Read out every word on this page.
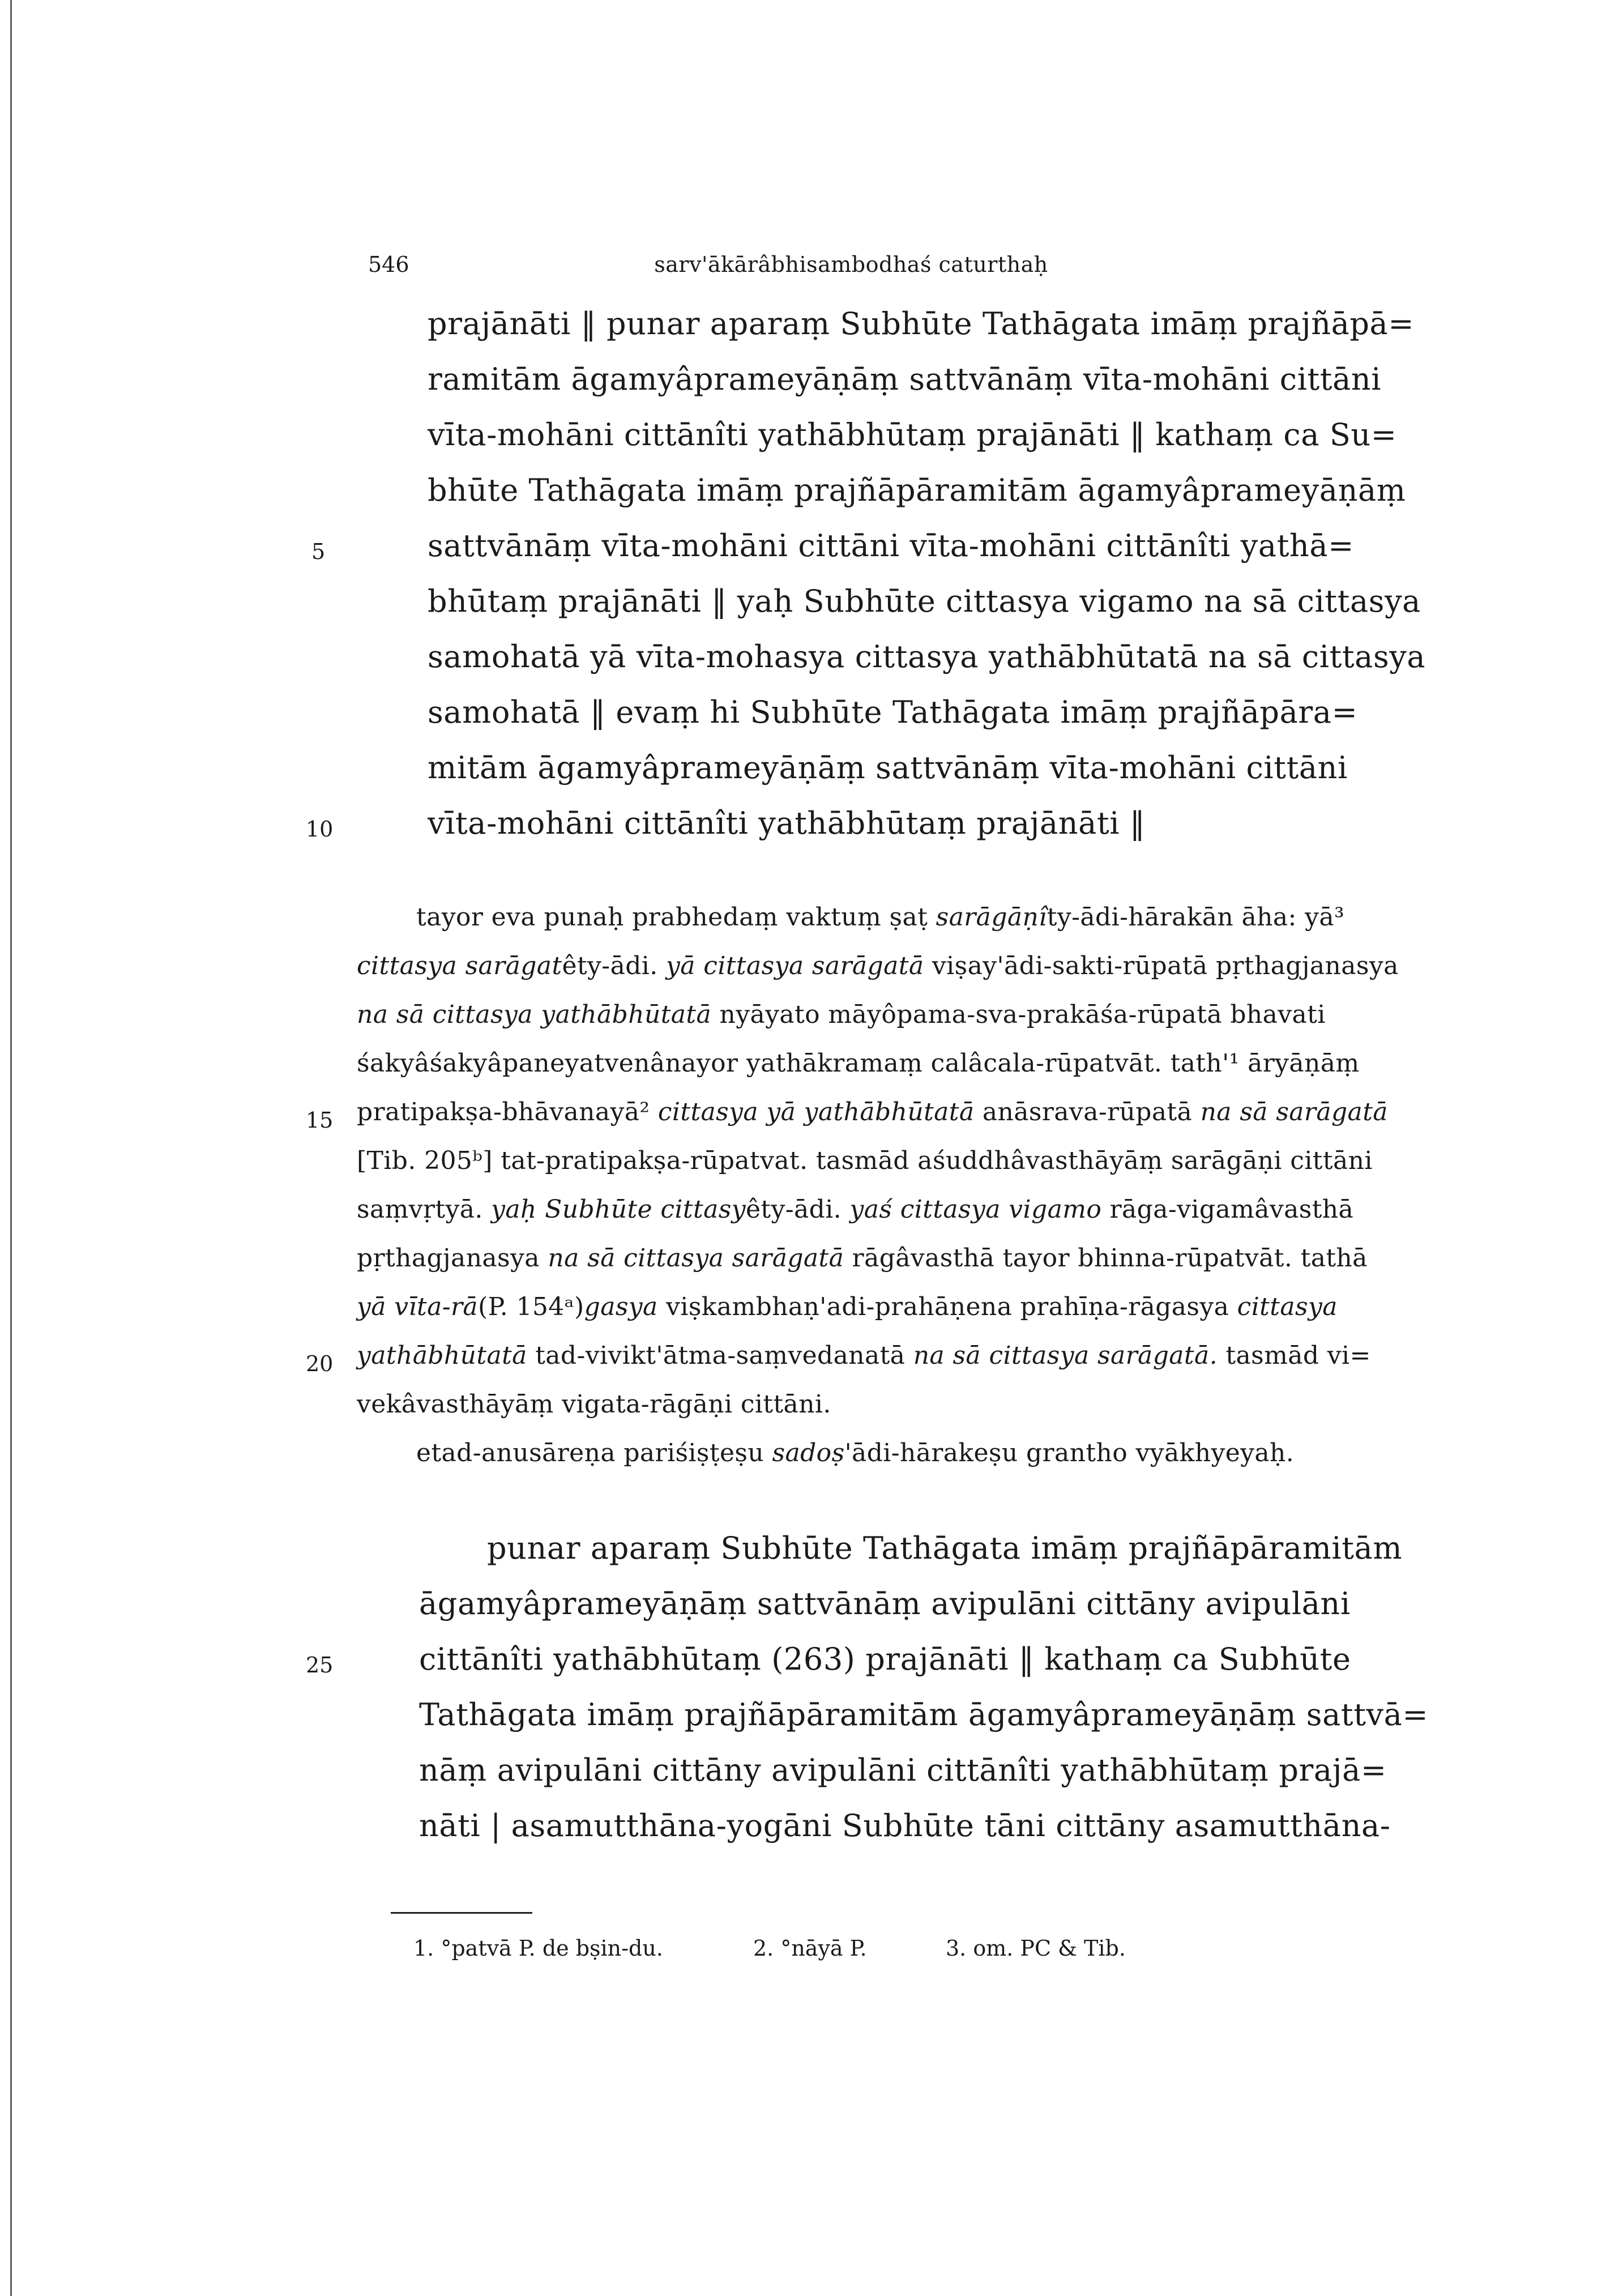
546	sarv'ākārâbhisambodhaś caturthaḥ
prajānāti ‖ punar aparaṃ Subhūte Tathāgata imāṃ prajñāpā=
ramitām āgamyâprameyāṇāṃ sattvānāṃ vīta-mohāni cittāni
vīta-mohāni cittānîti yathābhūtaṃ prajānāti ‖ kathaṃ ca Su=
bhūte Tathāgata imāṃ prajñāpāramitām āgamyâprameyāṇāṃ
sattvānāṃ vīta-mohāni cittāni vīta-mohāni cittānîti yathā=
bhūtaṃ prajānāti ‖ yaḥ Subhūte cittasya vigamo na sā cittasya
samohatā yā vīta-mohasya cittasya yathābhūtatā na sā cittasya
samohatā ‖ evaṃ hi Subhūte Tathāgata imāṃ prajñāpāra=
mitām āgamyâprameyāṇāṃ sattvānāṃ vīta-mohāni cittāni
vīta-mohāni cittānîti yathābhūtaṃ prajānāti ‖
tayor eva punaḥ prabhedaṃ vaktuṃ ṣaṭ sarāgāṇîty-ādi-hārakān āha: yā³
cittasya sarāgatêty-ādi. yā cittasya sarāgatā viṣay'ādi-sakti-rūpatā pṛthagjanasya
na sā cittasya yathābhūtatā nyāyato māyôpama-sva-prakāśa-rūpatā bhavati
śakyâśakyâpaneyatvenânayor yathākramaṃ calâcala-rūpatvāt. tath'¹ āryāṇāṃ
pratipakṣa-bhāvanayā² cittasya yā yathābhūtatā anāsrava-rūpatā na sā sarāgatā
[Tib. 205ᵇ] tat-pratipakṣa-rūpatvat. tasmād aśuddhâvasthāyāṃ sarāgāṇi cittāni
saṃvṛtyā. yaḥ Subhūte cittasyêty-ādi. yaś cittasya vigamo rāga-vigamâvasthā
pṛthagjanasya na sā cittasya sarāgatā rāgâvasthā tayor bhinna-rūpatvāt. tathā
yā vīta-rā(P. 154ᵃ)gasya viṣkambhaṇ'adi-prahāṇena prahīṇa-rāgasya cittasya
yathābhūtatā tad-vivikt'ātma-saṃvedanatā na sā cittasya sarāgatā. tasmād vi=
vekâvasthāyāṃ vigata-rāgāṇi cittāni.
etad-anusāreṇa pariśiṣṭeṣu sadoṣ'ādi-hārakeṣu grantho vyākhyeyaḥ.
punar aparaṃ Subhūte Tathāgata imāṃ prajñāpāramitām
āgamyâprameyāṇāṃ sattvānāṃ avipulāni cittāny avipulāni
cittānîti yathābhūtaṃ (263) prajānāti ‖ kathaṃ ca Subhūte
Tathāgata imāṃ prajñāpāramitām āgamyâprameyāṇāṃ sattvā=
nāṃ avipulāni cittāny avipulāni cittānîti yathābhūtaṃ prajā=
nāti | asamutthāna-yogāni Subhūte tāni cittāny asamutthāna-
5
10
15
20
25
1. °patvā P. de bṣin-du.	2. °nāyā P.	3. om. PC & Tib.
